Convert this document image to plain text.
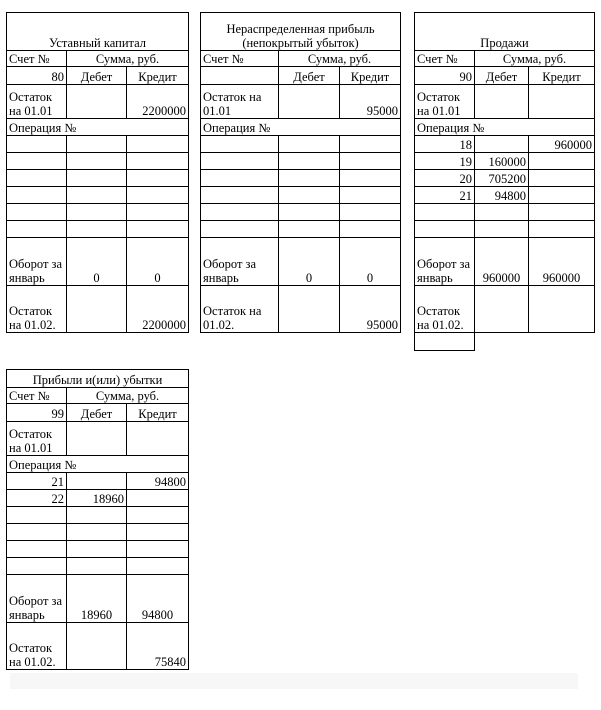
Уставный капитал		
Счет №	Сумма, руб.	
80	Дебет	Кредит
Остаток на 01.01		2200000
Операция №		

Оборот за январь	0	0
Остаток на 01.02.		2200000
Нераспределенная прибыль (непокрытый убыток)		
Счет №	Сумма, руб.	
	Дебет	Кредит
Остаток на 01.01		95000
Операция №		

Оборот за январь	0	0
Остаток на 01.02.		95000
Продажи		
Счет №	Сумма, руб.	
90	Дебет	Кредит
Остаток на 01.01		
Операция №		
18		960000
19	160000	
20	705200	
21	94800	

Оборот за январь	960000	960000
Остаток на 01.02.		

Прибыли и(или) убытки		
Счет №	Сумма, руб.	
99	Дебет	Кредит
Остаток на 01.01		
Операция №		
21		94800
22	18960	

Оборот за январь	18960	94800
Остаток на 01.02.		75840
